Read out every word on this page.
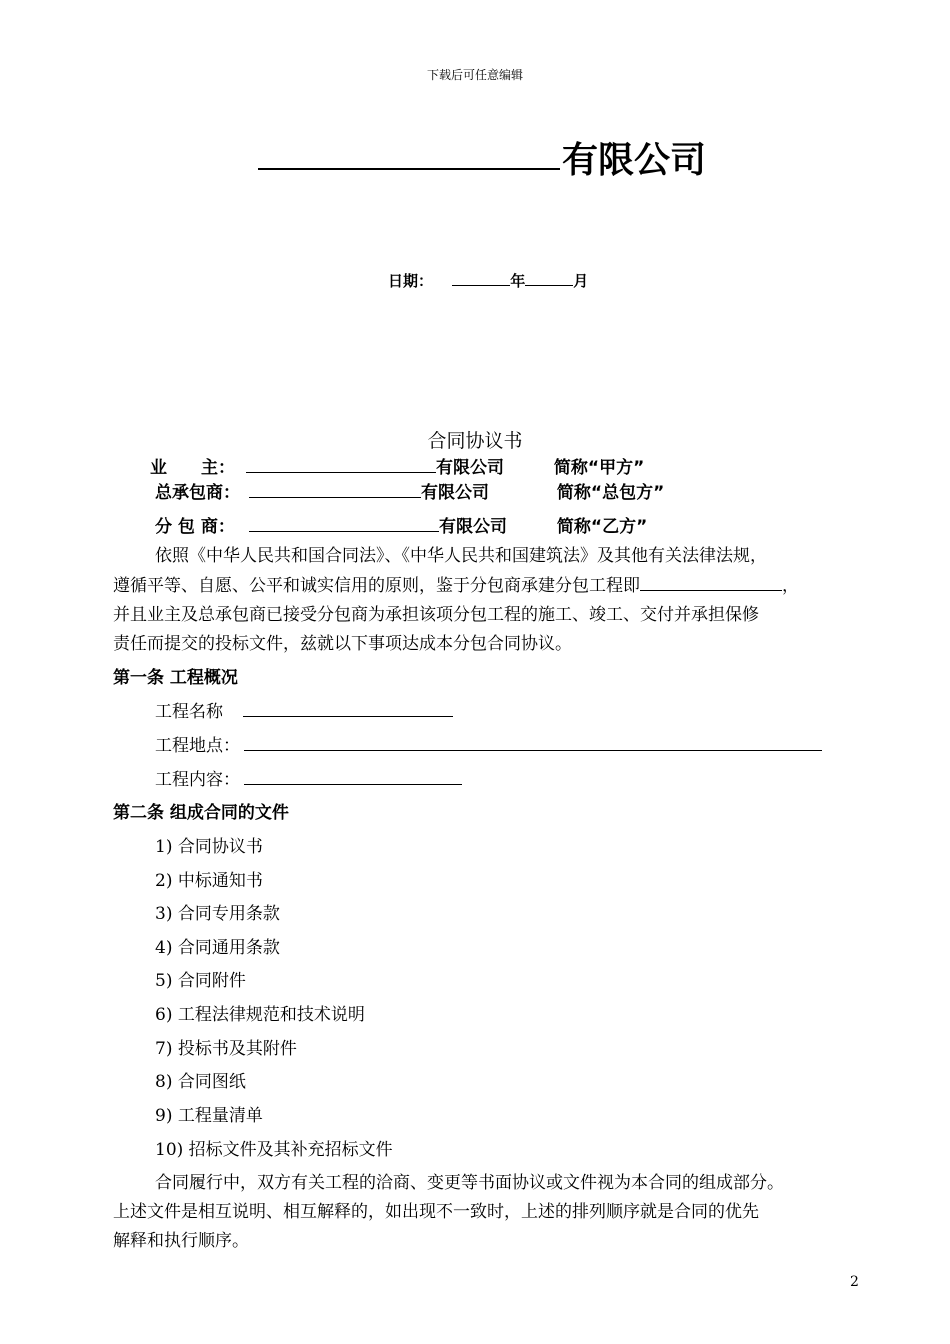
下载后可任意编辑
有限公司
日期：	年	月
合同协议书
业　　主：	有限公司	简称“甲方”
总承包商：	有限公司	简称“总包方”
分 包 商：	有限公司	简称“乙方”
依照《中华人民共和国合同法》、《中华人民共和国建筑法》及其他有关法律法规，
遵循平等、自愿、公平和诚实信用的原则，鉴于分包商承建分包工程即	，
并且业主及总承包商已接受分包商为承担该项分包工程的施工、竣工、交付并承担保修
责任而提交的投标文件，兹就以下事项达成本分包合同协议。
第一条 工程概况
工程名称
工程地点：
工程内容：
第二条 组成合同的文件
1) 合同协议书
2) 中标通知书
3) 合同专用条款
4) 合同通用条款
5) 合同附件
6) 工程法律规范和技术说明
7) 投标书及其附件
8) 合同图纸
9) 工程量清单
10) 招标文件及其补充招标文件
合同履行中，双方有关工程的洽商、变更等书面协议或文件视为本合同的组成部分。
上述文件是相互说明、相互解释的，如出现不一致时，上述的排列顺序就是合同的优先
解释和执行顺序。
2
